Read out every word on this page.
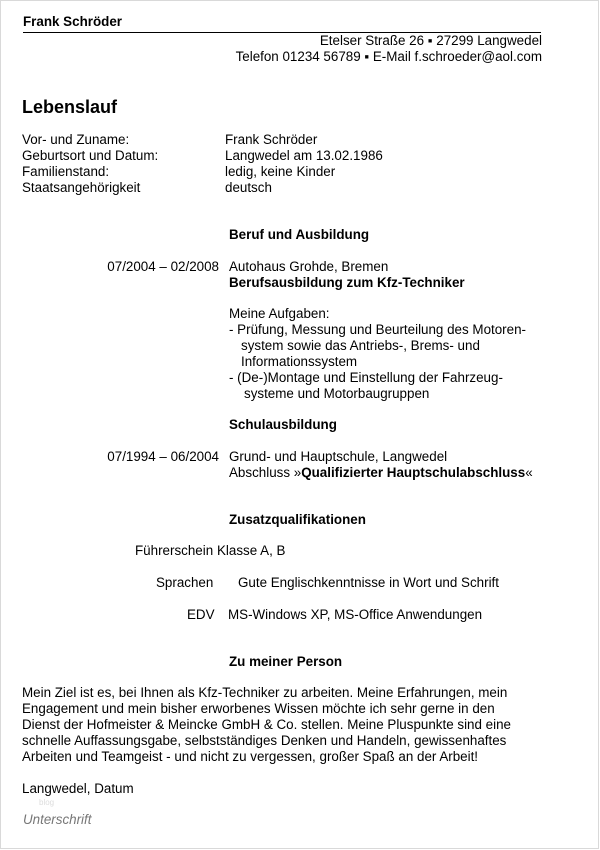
Frank Schröder
Etelser Straße 26 ▪ 27299 Langwedel
Telefon 01234 56789 ▪ E-Mail f.schroeder@aol.com
Lebenslauf
Vor- und Zuname:	Frank Schröder
Geburtsort und Datum:	Langwedel am 13.02.1986
Familienstand:	ledig, keine Kinder
Staatsangehörigkeit	deutsch
Beruf und Ausbildung
07/2004 – 02/2008 Autohaus Grohde, Bremen
Berufsausbildung zum Kfz-Techniker
Meine Aufgaben:
- Prüfung, Messung und Beurteilung des Motoren-
system sowie das Antriebs-, Brems- und
Informationssystem
- (De-)Montage und Einstellung der Fahrzeug-
systeme und Motorbaugruppen
Schulausbildung
07/1994 – 06/2004 Grund- und Hauptschule, Langwedel
Abschluss »Qualifizierter Hauptschulabschluss«
Zusatzqualifikationen
Führerschein Klasse A, B
Sprachen Gute Englischkenntnisse in Wort und Schrift
EDV MS-Windows XP, MS-Office Anwendungen
Zu meiner Person
Mein Ziel ist es, bei Ihnen als Kfz-Techniker zu arbeiten. Meine Erfahrungen, mein
Engagement und mein bisher erworbenes Wissen möchte ich sehr gerne in den
Dienst der Hofmeister & Meincke GmbH & Co. stellen. Meine Pluspunkte sind eine
schnelle Auffassungsgabe, selbstständiges Denken und Handeln, gewissenhaftes
Arbeiten und Teamgeist - und nicht zu vergessen, großer Spaß an der Arbeit!
Langwedel, Datum
blog
Unterschrift
